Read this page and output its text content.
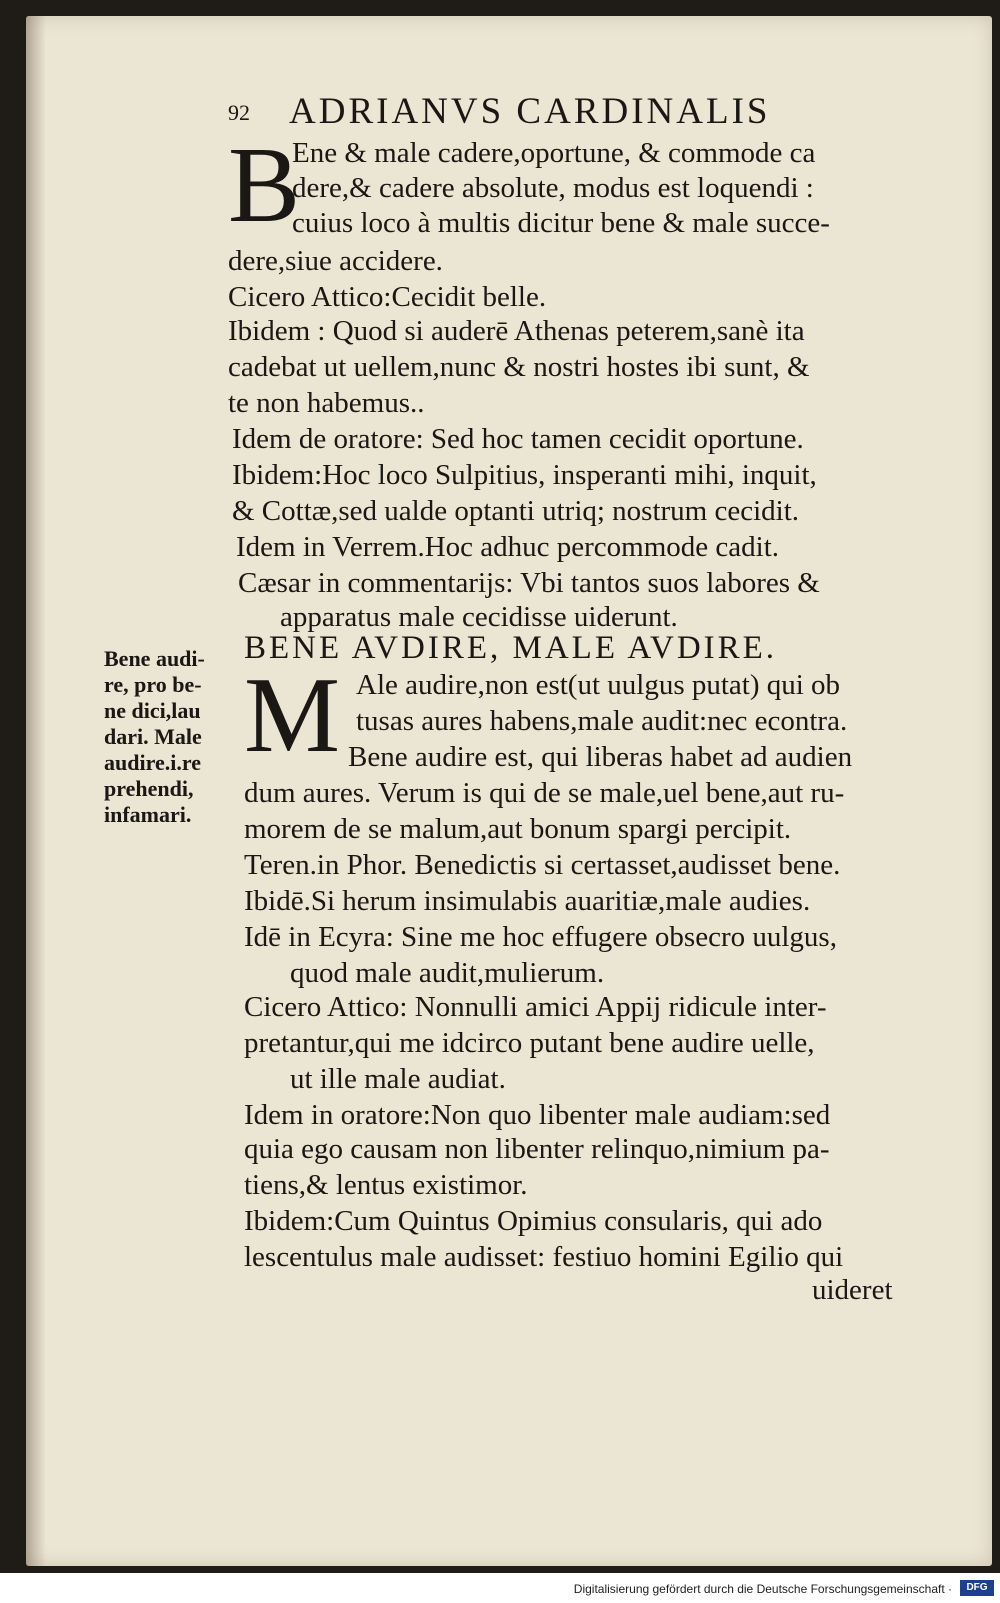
92 ADRIANVS CARDINALIS
B
Ene & male cadere,oportune, & commode ca
dere,& cadere absolute, modus est loquendi :
cuius loco à multis dicitur bene & male succe-
dere,siue accidere.
Cicero Attico:Cecidit belle.
Ibidem : Quod si auderē Athenas peterem,sanè ita
cadebat ut uellem,nunc & nostri hostes ibi sunt, &
te non habemus..
Idem de oratore: Sed hoc tamen cecidit oportune.
Ibidem:Hoc loco Sulpitius, insperanti mihi, inquit,
& Cottæ,sed ualde optanti utriq; nostrum cecidit.
Idem in Verrem.Hoc adhuc percommode cadit.
Cæsar in commentarijs: Vbi tantos suos labores &
apparatus male cecidisse uiderunt.
BENE AVDIRE, MALE AVDIRE.
M Ale audire,non est(ut uulgus putat) qui ob
tusas aures habens,male audit:nec econtra.
Bene audire est, qui liberas habet ad audien
dum aures. Verum is qui de se male,uel bene,aut ru-
morem de se malum,aut bonum spargi percipit.
Teren.in Phor. Benedictis si certasset,audisset bene.
Ibidē.Si herum insimulabis auaritiæ,male audies.
Idē in Ecyra: Sine me hoc effugere obsecro uulgus,
quod male audit,mulierum.
Cicero Attico: Nonnulli amici Appij ridicule inter-
pretantur,qui me idcirco putant bene audire uelle,
ut ille male audiat.
Idem in oratore:Non quo libenter male audiam:sed
quia ego causam non libenter relinquo,nimium pa-
tiens,& lentus existimor.
Ibidem:Cum Quintus Opimius consularis, qui ado
lescentulus male audisset: festiuo homini Egilio qui
uideret
Bene audi-
re, pro be-
ne dici,lau
dari. Male
audire.i.re
prehendi,
infamari.
Digitalisierung gefördert durch die Deutsche Forschungsgemeinschaft ·	DFG
